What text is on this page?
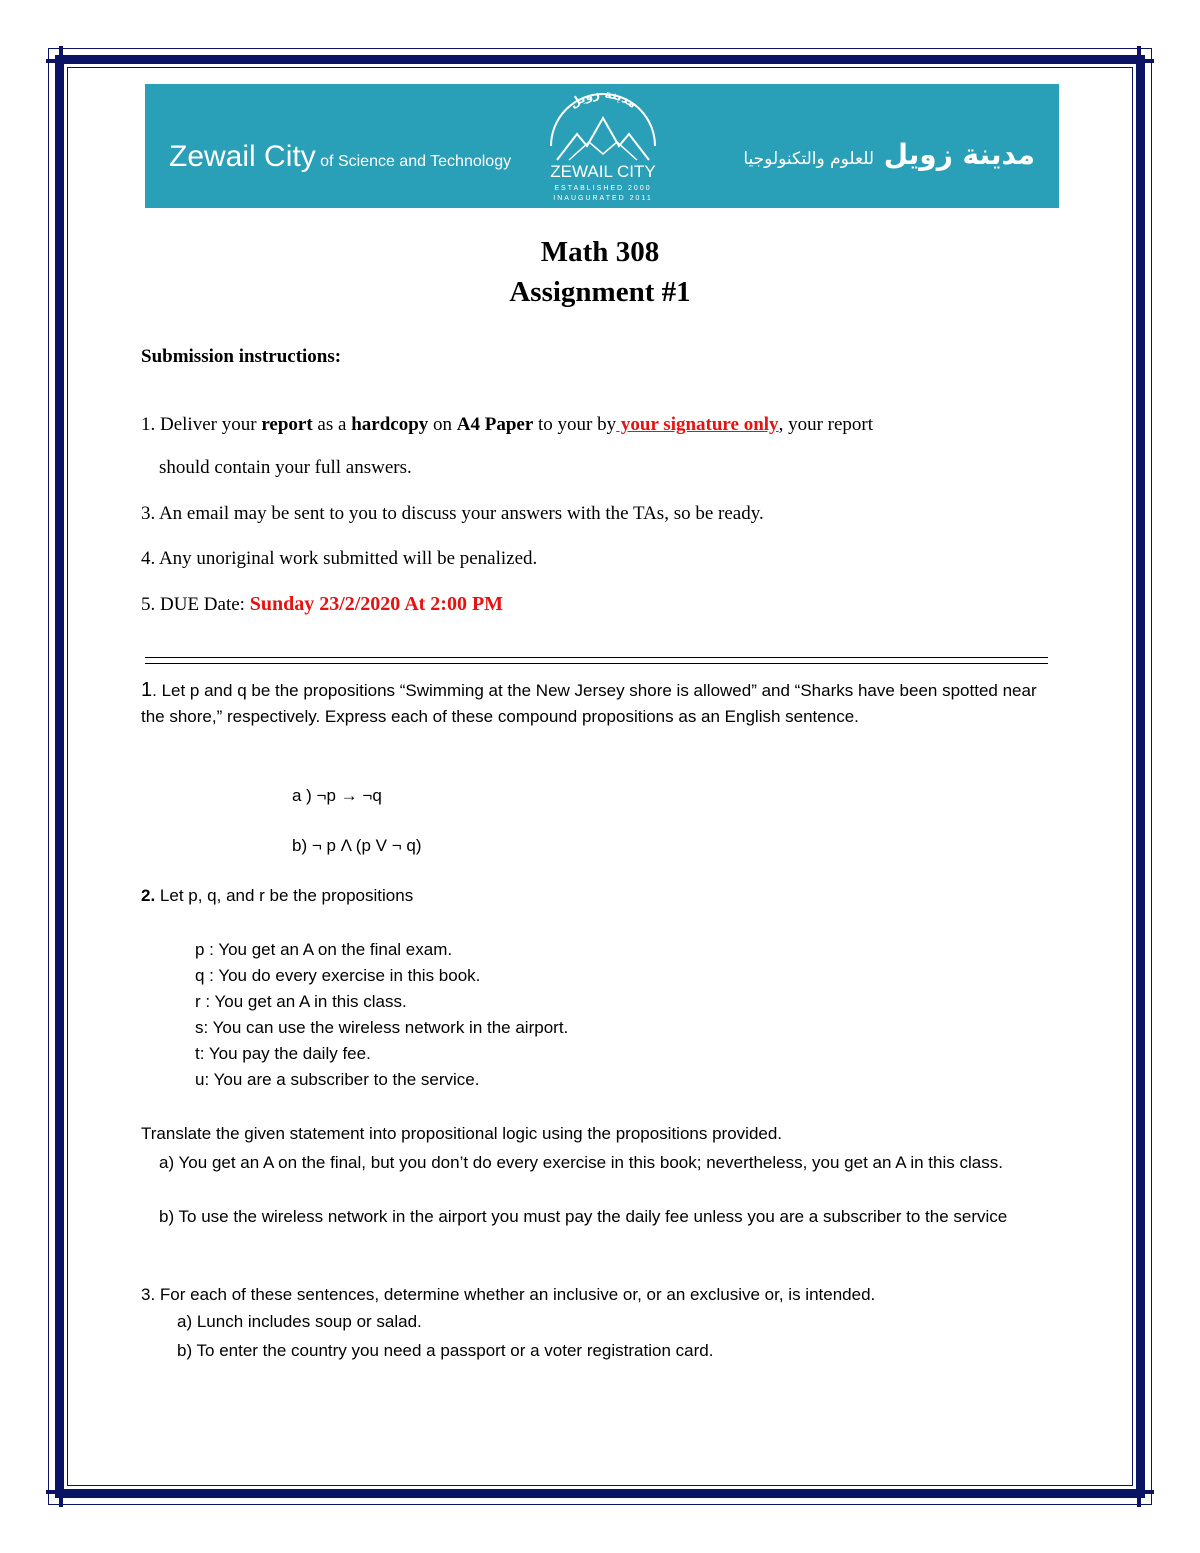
Zewail City of Science and Technology
مدينة زويل
ZEWAIL CITY
ESTABLISHED 2000
INAUGURATED 2011
مدينة زويل للعلوم والتكنولوجيا
Math 308
Assignment #1
Submission instructions:
1. Deliver your report as a hardcopy on A4 Paper to your by your signature only, your report
should contain your full answers.
3. An email may be sent to you to discuss your answers with the TAs, so be ready.
4. Any unoriginal work submitted will be penalized.
5. DUE Date: Sunday 23/2/2020 At 2:00 PM
1. Let p and q be the propositions “Swimming at the New Jersey shore is allowed” and “Sharks have been spotted near the shore,” respectively. Express each of these compound propositions as an English sentence.
a ) ¬p → ¬q
b) ¬ p Λ (p V ¬ q)
2. Let p, q, and r be the propositions
p : You get an A on the final exam.
q : You do every exercise in this book.
r : You get an A in this class.
s: You can use the wireless network in the airport.
t: You pay the daily fee.
u: You are a subscriber to the service.
Translate the given statement into propositional logic using the propositions provided.
a) You get an A on the final, but you don’t do every exercise in this book; nevertheless, you get an A in this class.
b) To use the wireless network in the airport you must pay the daily fee unless you are a subscriber to the service
3. For each of these sentences, determine whether an inclusive or, or an exclusive or, is intended.
a) Lunch includes soup or salad.
b) To enter the country you need a passport or a voter registration card.
